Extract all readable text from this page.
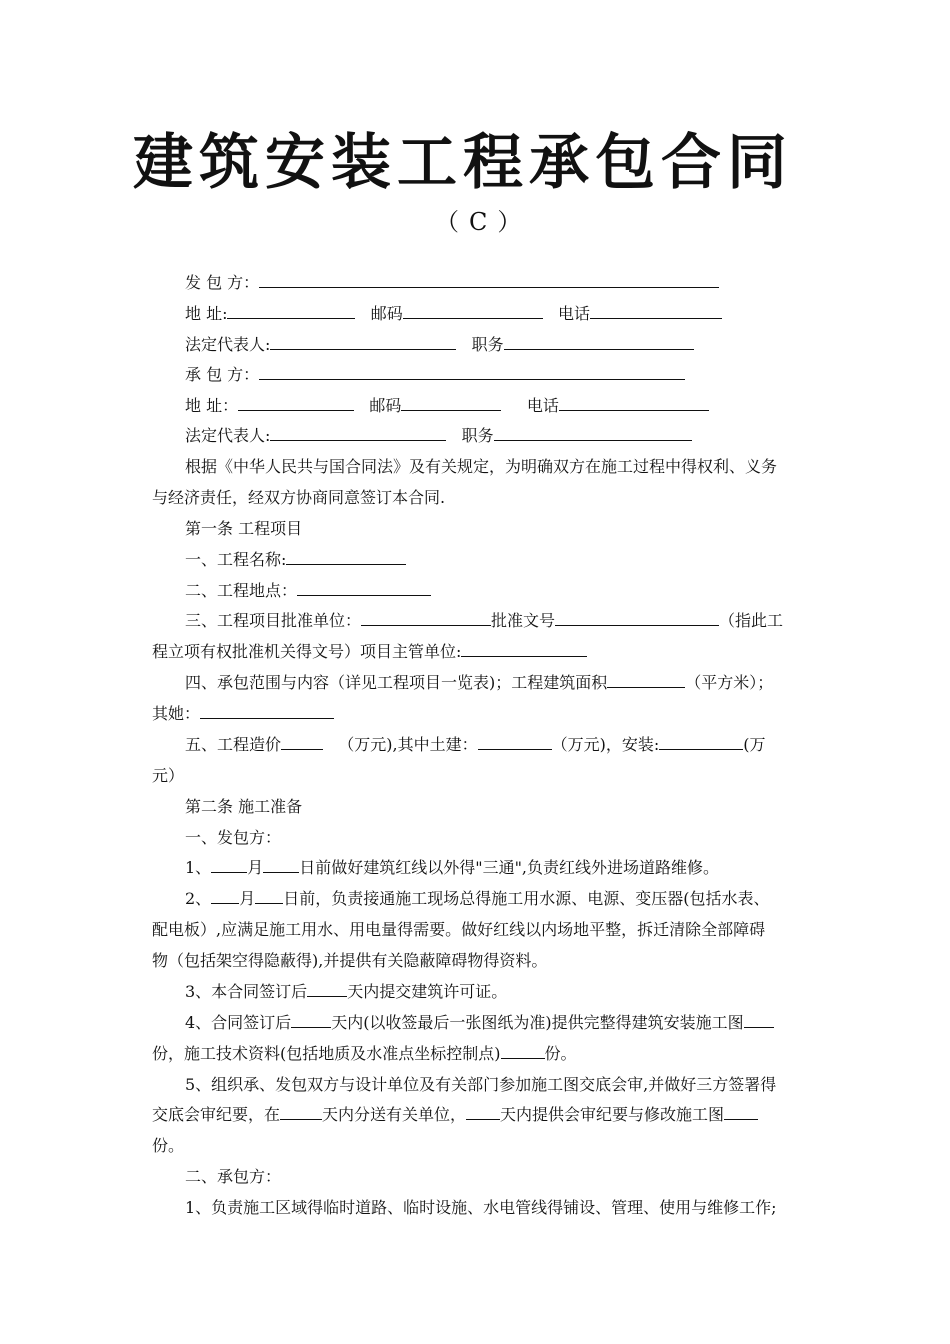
建筑安装工程承包合同
（C）
发 包 方：
地 址:	邮码	电话
法定代表人:	职务
承 包 方：
地 址：	邮码	电话
法定代表人:	职务
根据《中华人民共与国合同法》及有关规定，为明确双方在施工过程中得权利、义务
与经济责任，经双方协商同意签订本合同.
第一条 工程项目
一、工程名称:
二、工程地点：
三、工程项目批准单位：	批准文号	（指此工
程立项有权批准机关得文号）项目主管单位:
四、承包范围与内容（详见工程项目一览表)；工程建筑面积	（平方米）；
其她：
五、工程造价	（万元),其中土建：	（万元)，安装:	(万
元）
第二条 施工准备
一、发包方：
1、 月 日前做好建筑红线以外得"三通",负责红线外进场道路维修。
2、 月 日前，负责接通施工现场总得施工用水源、电源、变压器(包括水表、
配电板）,应满足施工用水、用电量得需要。做好红线以内场地平整，拆迁清除全部障碍
物（包括架空得隐蔽得),并提供有关隐蔽障碍物得资料。
3、本合同签订后	天内提交建筑许可证。
4、合同签订后	天内(以收签最后一张图纸为准)提供完整得建筑安装施工图
份，施工技术资料(包括地质及水准点坐标控制点)	份。
5、组织承、发包双方与设计单位及有关部门参加施工图交底会审,并做好三方签署得
交底会审纪要，在	天内分送有关单位， 天内提供会审纪要与修改施工图
份。
二、承包方：
1、负责施工区域得临时道路、临时设施、水电管线得铺设、管理、使用与维修工作;
